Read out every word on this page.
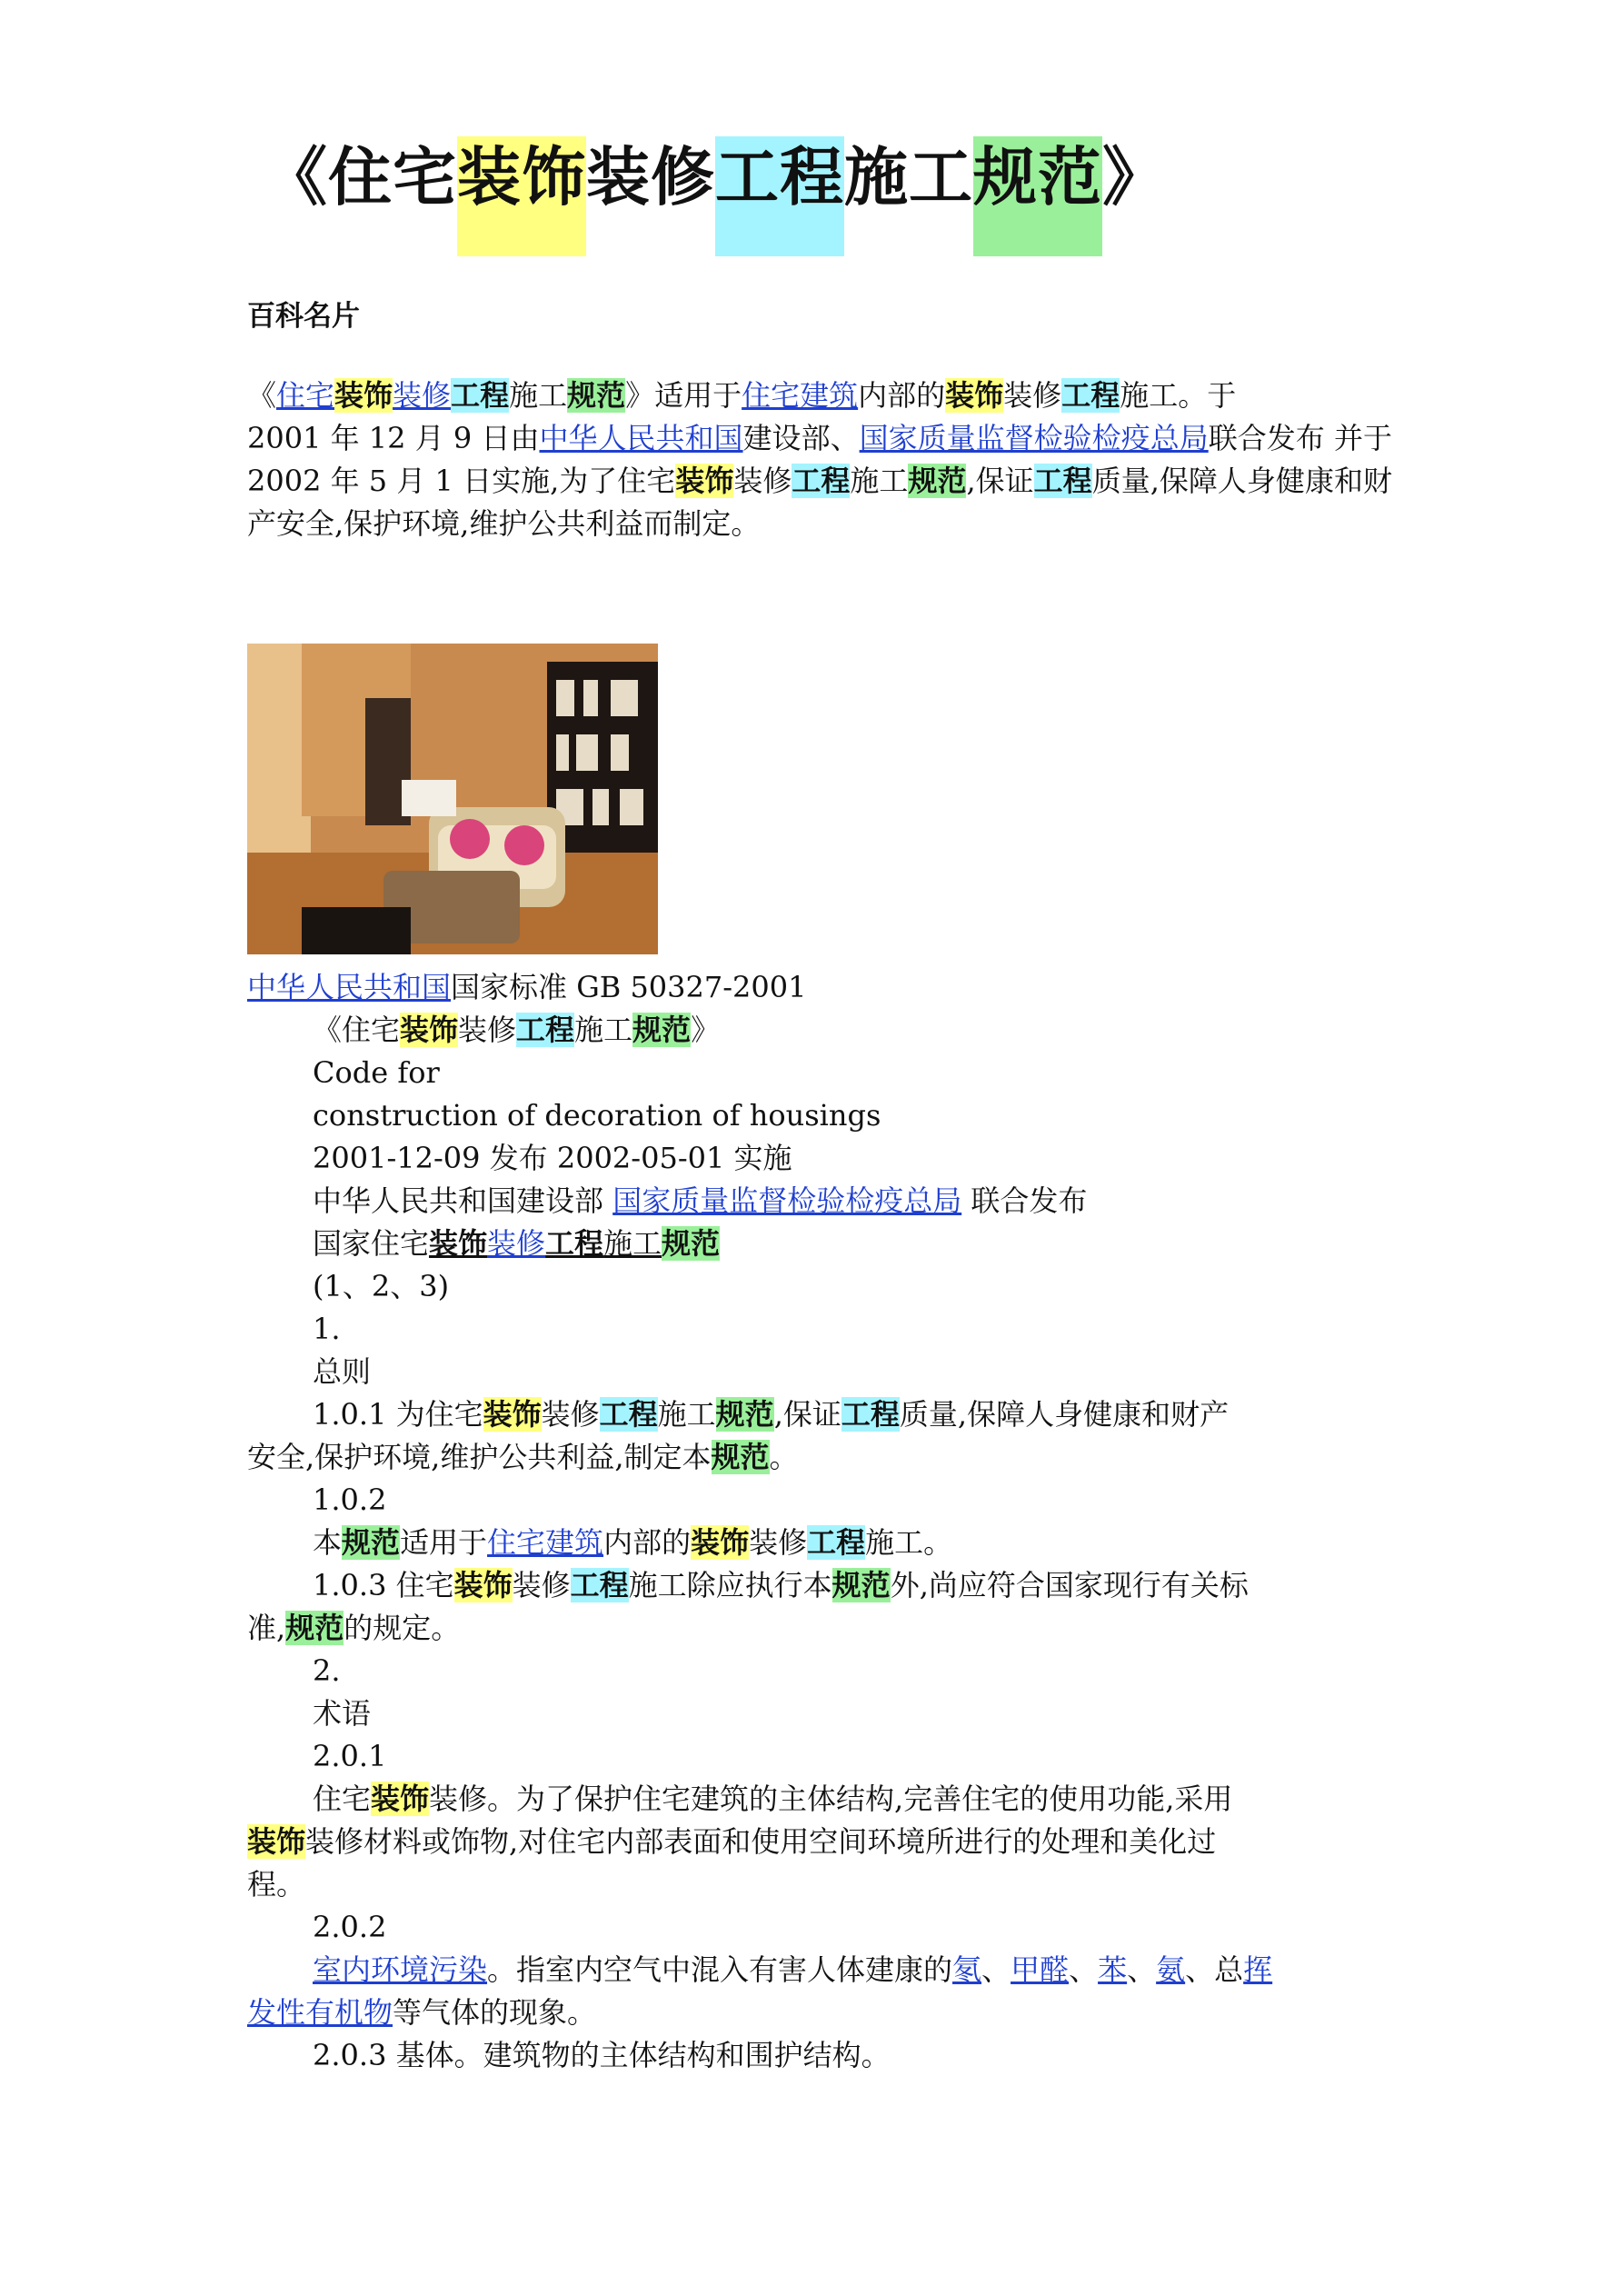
《住宅装饰装修工程施工规范》
百科名片

《住宅装饰装修工程施工规范》适用于住宅建筑内部的装饰装修工程施工。于
2001 年 12 月 9 日由中华人民共和国建设部、国家质量监督检验检疫总局联合发布 并于 2002 年 5 月 1 日实施,为了住宅装饰装修工程施工规范,保证工程质量,保障人身健康和财产安全,保护环境,维护公共利益而制定。

中华人民共和国国家标准 GB 50327-2001

《住宅装饰装修工程施工规范》

Code for

construction of decoration of housings

2001-12-09 发布 2002-05-01 实施

中华人民共和国建设部 国家质量监督检验检疫总局 联合发布

国家住宅装饰装修工程施工规范

(1、2、3)

1.

总则

1.0.1 为住宅装饰装修工程施工规范,保证工程质量,保障人身健康和财产

安全,保护环境,维护公共利益,制定本规范。

1.0.2

本规范适用于住宅建筑内部的装饰装修工程施工。

1.0.3 住宅装饰装修工程施工除应执行本规范外,尚应符合国家现行有关标

准,规范的规定。

2.

术语

2.0.1

住宅装饰装修。为了保护住宅建筑的主体结构,完善住宅的使用功能,采用

装饰装修材料或饰物,对住宅内部表面和使用空间环境所进行的处理和美化过

程。

2.0.2

室内环境污染。指室内空气中混入有害人体建康的氡、甲醛、苯、氨、总挥

发性有机物等气体的现象。

2.0.3 基体。建筑物的主体结构和围护结构。
